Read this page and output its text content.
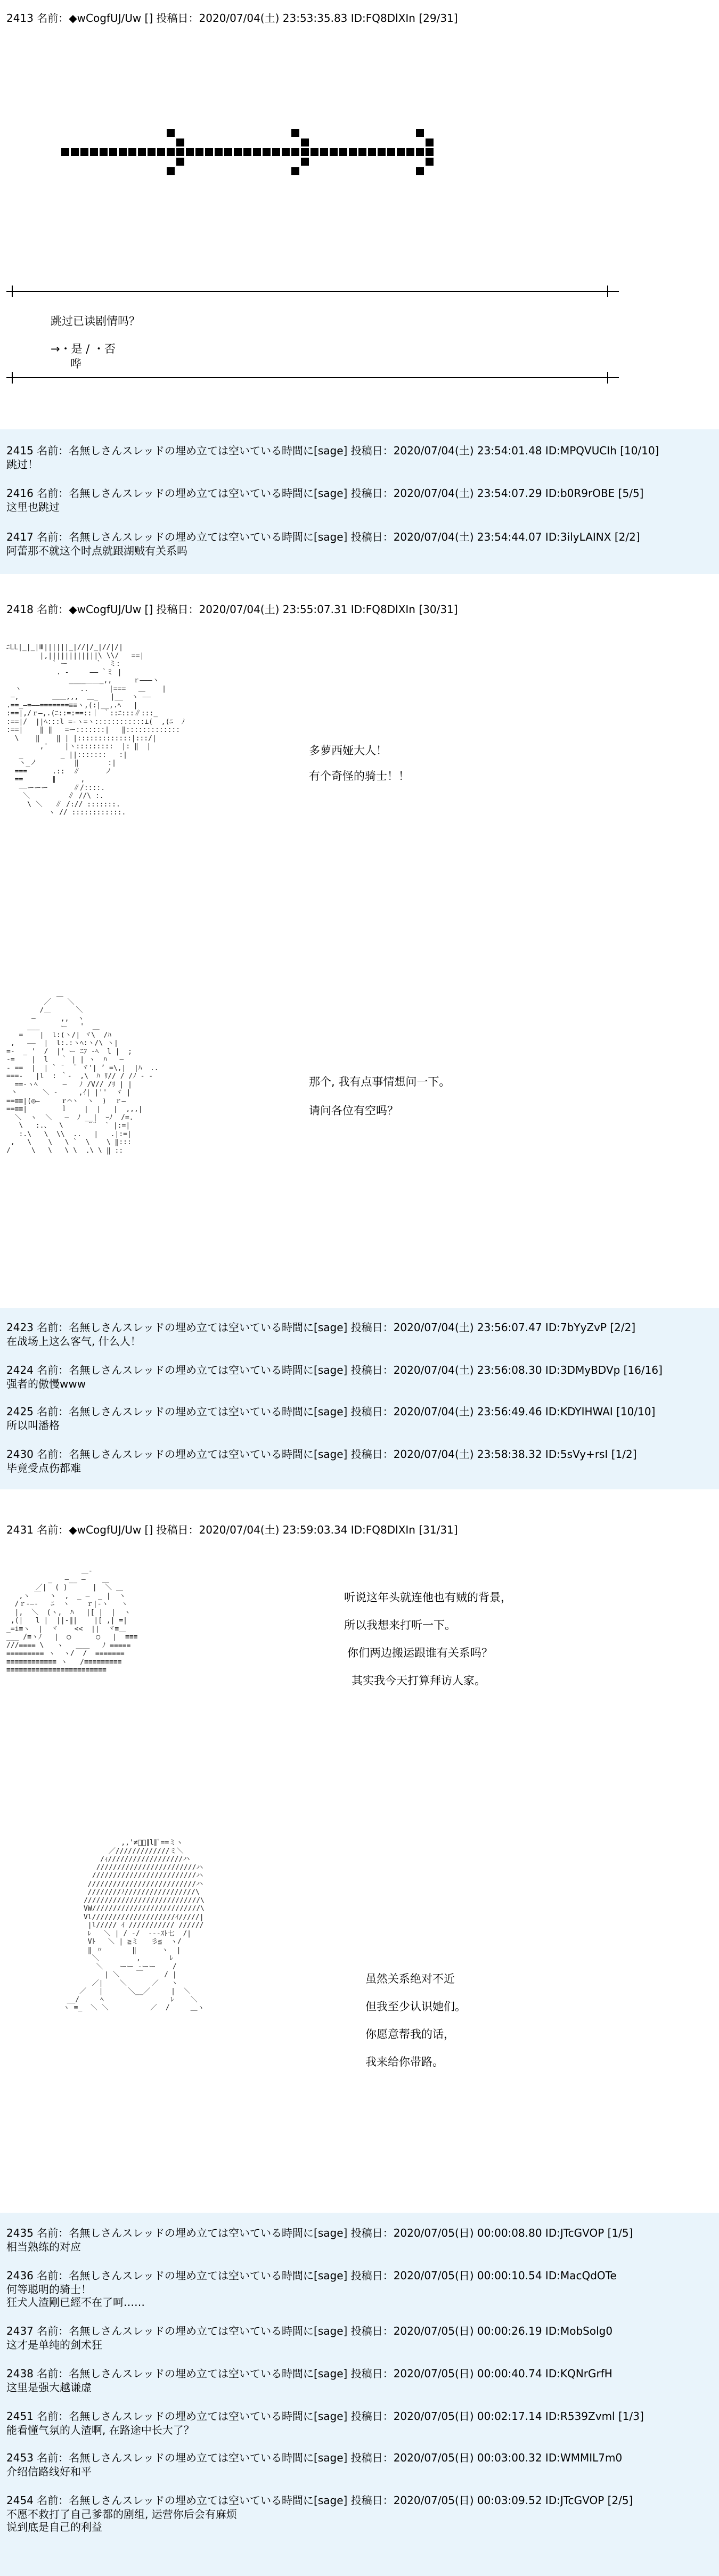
2413 名前：◆wCogfUJ/Uw [] 投稿日：2020/07/04(土) 23:53:35.83 ID:FQ8DlXIn [29/31]
跳过已读剧情吗？
→・是 / ・否
哗
2415 名前：名無しさんスレッドの埋め立ては空いている時間に[sage] 投稿日：2020/07/04(土) 23:54:01.48 ID:MPQVUCIh [10/10]
跳过！
2416 名前：名無しさんスレッドの埋め立ては空いている時間に[sage] 投稿日：2020/07/04(土) 23:54:07.29 ID:b0R9rOBE [5/5]
这里也跳过
2417 名前：名無しさんスレッドの埋め立ては空いている時間に[sage] 投稿日：2020/07/04(土) 23:54:44.07 ID:3ilyLAINX [2/2]
阿蕾那不就这个时点就跟湖贼有关系吗
2418 名前：◆wCogfUJ/Uw [] 投稿日：2020/07/04(土) 23:55:07.31 ID:FQ8DlXIn [30/31]
ﾆLL|_|_|Ⅲ||||||_|//|/_|//|/|
|,||||||||||||\ \\/   ==|
` ー       `  ミ:
. -     ―― `ミ |
____＿＿_,,     ｒ―――ヽ
ヽ              ..     |===   ＿    |
―,        ＿＿,,,  ＿_   |__  ヽ ――
.==_―=――=======≡≡ヽ,(:|__,.ﾍ   |
:==|,/ｒ―,.(ﾆ::=:==::｜ ｀::ﾆ:::∥:::_
:==|/  ||ﾍ:::l =-ヽ=ヽ::::::::::::⊥(  ,(ﾆ  ﾉ
:==|    ‖ ‖   =ー:::::::|   ‖:::::::::::::
\    ‖    ‖ | |:::::::::::::|:::/|
,'    |ヽ:::::::::  |: ‖  |
_         _ ||:::::::   :|
ヽ_ノ         ‖       :|
===      .::  ∥      ノ
==       ∥      ,
――ーーー      ∥/::::.
＼         ∥ //\ :.
\ ＼   ∥ /:// :::::::.
ヽ // ::::::::::::.
多萝西娅大人！
有个奇怪的骑士！！
＿
／    ＼
/＿      ＼
―      ,,  ヽ
___     ー   '  ＿
=    |  l:(ヽ/| ヾ\  /ﾊ
,   ――  |  l:.:ヽﾍ:ヽ/\ ヽ|
=-  _ '  /  |' ー ﾆﾌ -ﾍ  l |  ;
-=    |  l   ｀ | | ヽ  ﾊ   ―
- ==  |  | ` ̄   ¨ ヾ'| ʼ =\,|  |ﾊ  ..
===-   |l  : ｀‐  ,\  ﾊ ﾘ// / /ﾉ ‐ ‐
==-ヽﾍ      ―   ﾉ /V// /ﾘ | |
丶      ＼ ‐     ,ｲ| |''  ヾ |
==≡≡|(◎―     ｒ⌒ヽ  ヽ  )  ｒ―
==≡≡|        ｌ    |  |   |  ,,,|
＼  ヽ  ＼   ―  ﾉ __|  ｰﾉ  /=.
\   :.、  \      ¨¨  ` |:=|
:.\   \  \\  ..   |   .|:=|
,   \    \   \ `  \    \ ‖:::
/     \   \   \ \  .\ \ ‖ ::
那个, 我有点事情想问一下。
请问各位有空吗？
2423 名前：名無しさんスレッドの埋め立ては空いている時間に[sage] 投稿日：2020/07/04(土) 23:56:07.47 ID:7bYyZvP [2/2]
在战场上这么客气, 什么人！
2424 名前：名無しさんスレッドの埋め立ては空いている時間に[sage] 投稿日：2020/07/04(土) 23:56:08.30 ID:3DMyBDVp [16/16]
强者的傲慢www
2425 名前：名無しさんスレッドの埋め立ては空いている時間に[sage] 投稿日：2020/07/04(土) 23:56:49.46 ID:KDYIHWAI [10/10]
所以叫潘格
2430 名前：名無しさんスレッドの埋め立ては空いている時間に[sage] 投稿日：2020/07/04(土) 23:58:38.32 ID:5sVy+rsI [1/2]
毕竟受点伤都难
2431 名前：◆wCogfUJ/Uw [] 投稿日：2020/07/04(土) 23:59:03.34 ID:FQ8DlXIn [31/31]
＿-
_   ―__ ―    ＿
／|  ( )      |  ＼ ＿
,ヽ ￣  ヽ  ,  _ ―  _ |  ヽ
/ｒ‐―-   ﾆ  ヽ    ｒ|-ヽ   ヽ
|,  ＼  (ヽ,  ﾊ   |[ |  |  ヽ
,(|   l |  ||-‖|    |[ ,| =|
_=i≡ヽ  |  ヾ    <<  ||  ヾ≡＿
___ /≡ヽﾉ   |  ◯      ◯   |  ≡≡≡
///≡≡≡≡ \   ヽ   ＿＿   ﾉ ≡≡≡≡≡
≡≡≡≡≡≡≡≡≡ ヽ  ヽ/  /  ≡≡≡≡≡≡≡
≡≡≡≡≡≡≡≡≡≡≡≡ ヽ   /≡≡≡≡≡≡≡≡≡
≡≡≡≡≡≡≡≡≡≡≡≡≡≡≡≡≡≡≡≡≡≡≡≡
听说这年头就连他也有贼的背景，
所以我想来打听一下。
你们两边搬运跟谁有关系吗？
其实我今天打算拜访人家。
,,'≠ﾞﾞ∥l∥ﾞ==ミヽ
／/////////////ミ＼
/ｨ//////////////////ハ
////////////////////////ハ
/////////////////////////ハ
//////////////////////////ハ
////////ﾉ/////////////////\
////////////////////////////\
VW//////////////////////////\
Vl////////////////////ｲ/////|
|l///// ｲ /////////// //////
ﾚ   ＼ | / -/  ---ｽﾄ七  /|
Vﾄ   ＼ | ≧ミ   彡≦  ヽ/
‖ 〃       ‖      ヽ  |
＼         ,       ﾚ
＼    ーー ‐ーー    /
| ＼    ￣     / |
／|    ＼      ／   ヽ
／   |      ＼__／     |  ＼
__/     ﾍ                ﾚ    ＼
ヽ ≡_  ＼ ＼          ／  /     ＿ヽ
虽然关系绝对不近
但我至少认识她们。
你愿意帮我的话，
我来给你带路。
2435 名前：名無しさんスレッドの埋め立ては空いている時間に[sage] 投稿日：2020/07/05(日) 00:00:08.80 ID:JTcGVOP [1/5]
相当熟练的对应
2436 名前：名無しさんスレッドの埋め立ては空いている時間に[sage] 投稿日：2020/07/05(日) 00:00:10.54 ID:MacQdOTe
何等聪明的骑士！
狂犬人渣剛已經不在了呵……
2437 名前：名無しさんスレッドの埋め立ては空いている時間に[sage] 投稿日：2020/07/05(日) 00:00:26.19 ID:MobSolg0
这才是单纯的剑术狂
2438 名前：名無しさんスレッドの埋め立ては空いている時間に[sage] 投稿日：2020/07/05(日) 00:00:40.74 ID:KQNrGrfH
这里是强大越谦虚
2451 名前：名無しさんスレッドの埋め立ては空いている時間に[sage] 投稿日：2020/07/05(日) 00:02:17.14 ID:R539Zvml [1/3]
能看懂气氛的人渣啊, 在路途中长大了？
2453 名前：名無しさんスレッドの埋め立ては空いている時間に[sage] 投稿日：2020/07/05(日) 00:03:00.32 ID:WMMIL7m0
介绍信路线好和平
2454 名前：名無しさんスレッドの埋め立ては空いている時間に[sage] 投稿日：2020/07/05(日) 00:03:09.52 ID:JTcGVOP [2/5]
不愿不救打了自己爹都的剧组, 运营你后会有麻烦
说到底是自己的利益
